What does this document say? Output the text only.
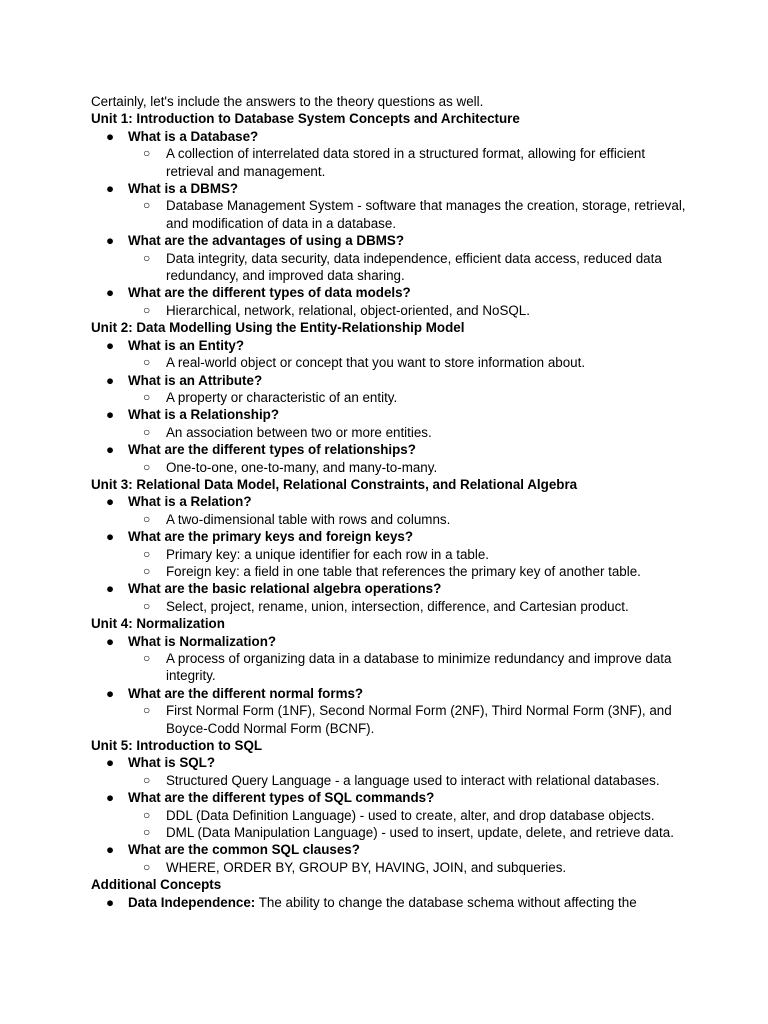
Certainly, let's include the answers to the theory questions as well.
Unit 1: Introduction to Database System Concepts and Architecture
● What is a Database?
○ A collection of interrelated data stored in a structured format, allowing for efficient retrieval and management.
● What is a DBMS?
○ Database Management System - software that manages the creation, storage, retrieval, and modification of data in a database.
● What are the advantages of using a DBMS?
○ Data integrity, data security, data independence, efficient data access, reduced data redundancy, and improved data sharing.
● What are the different types of data models?
○ Hierarchical, network, relational, object-oriented, and NoSQL.
Unit 2: Data Modelling Using the Entity-Relationship Model
● What is an Entity?
○ A real-world object or concept that you want to store information about.
● What is an Attribute?
○ A property or characteristic of an entity.
● What is a Relationship?
○ An association between two or more entities.
● What are the different types of relationships?
○ One-to-one, one-to-many, and many-to-many.
Unit 3: Relational Data Model, Relational Constraints, and Relational Algebra
● What is a Relation?
○ A two-dimensional table with rows and columns.
● What are the primary keys and foreign keys?
○ Primary key: a unique identifier for each row in a table.
○ Foreign key: a field in one table that references the primary key of another table.
● What are the basic relational algebra operations?
○ Select, project, rename, union, intersection, difference, and Cartesian product.
Unit 4: Normalization
● What is Normalization?
○ A process of organizing data in a database to minimize redundancy and improve data integrity.
● What are the different normal forms?
○ First Normal Form (1NF), Second Normal Form (2NF), Third Normal Form (3NF), and Boyce-Codd Normal Form (BCNF).
Unit 5: Introduction to SQL
● What is SQL?
○ Structured Query Language - a language used to interact with relational databases.
● What are the different types of SQL commands?
○ DDL (Data Definition Language) - used to create, alter, and drop database objects.
○ DML (Data Manipulation Language) - used to insert, update, delete, and retrieve data.
● What are the common SQL clauses?
○ WHERE, ORDER BY, GROUP BY, HAVING, JOIN, and subqueries.
Additional Concepts
● Data Independence: The ability to change the database schema without affecting the
